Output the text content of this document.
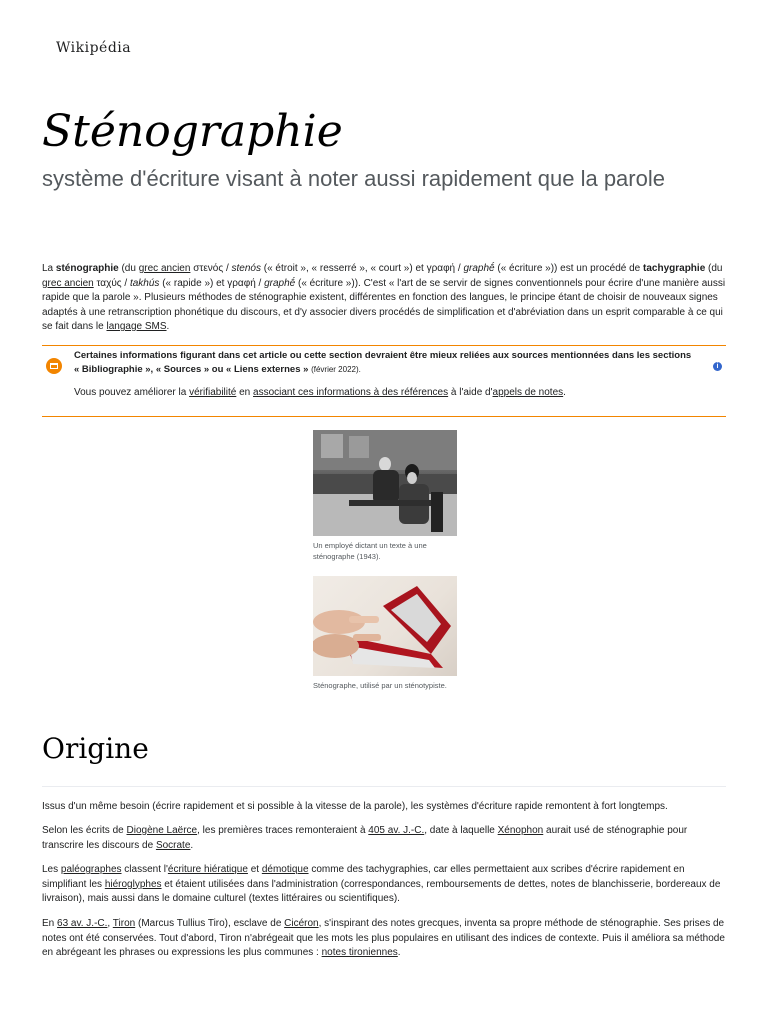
Wikipédia
Sténographie

système d'écriture visant à noter aussi rapidement que la parole

La sténographie (du grec ancien στενός / stenós (« étroit », « resserré », « court ») et γραφή / graphḗ (« écriture »)) est un procédé de tachygraphie (du grec ancien ταχύς / takhús (« rapide ») et γραφή / graphḗ (« écriture »)). C'est « l'art de se servir de signes conventionnels pour écrire d'une manière aussi rapide que la parole ». Plusieurs méthodes de sténographie existent, différentes en fonction des langues, le principe étant de choisir de nouveaux signes adaptés à une retranscription phonétique du discours, et d'y associer divers procédés de simplification et d'abréviation dans un esprit comparable à ce qui se fait dans le langage SMS.

Certaines informations figurant dans cet article ou cette section devraient être mieux reliées aux sources mentionnées dans les sections « Bibliographie », « Sources » ou « Liens externes » (février 2022).
Vous pouvez améliorer la vérifiabilité en associant ces informations à des références à l'aide d'appels de notes.
i
Un employé dictant un texte à une sténographe (1943).
Sténographe, utilisé par un sténotypiste.
Origine

Issus d'un même besoin (écrire rapidement et si possible à la vitesse de la parole), les systèmes d'écriture rapide remontent à fort longtemps.

Selon les écrits de Diogène Laërce, les premières traces remonteraient à 405 av. J.-C., date à laquelle Xénophon aurait usé de sténographie pour transcrire les discours de Socrate.

Les paléographes classent l'écriture hiératique et démotique comme des tachygraphies, car elles permettaient aux scribes d'écrire rapidement en simplifiant les hiéroglyphes et étaient utilisées dans l'administration (correspondances, remboursements de dettes, notes de blanchisserie, bordereaux de livraison), mais aussi dans le domaine culturel (textes littéraires ou scientifiques).

En 63 av. J.-C., Tiron (Marcus Tullius Tiro), esclave de Cicéron, s'inspirant des notes grecques, inventa sa propre méthode de sténographie. Ses prises de notes ont été conservées. Tout d'abord, Tiron n'abrégeait que les mots les plus populaires en utilisant des indices de contexte. Puis il améliora sa méthode en abrégeant les phrases ou expressions les plus communes : notes tironiennes.
